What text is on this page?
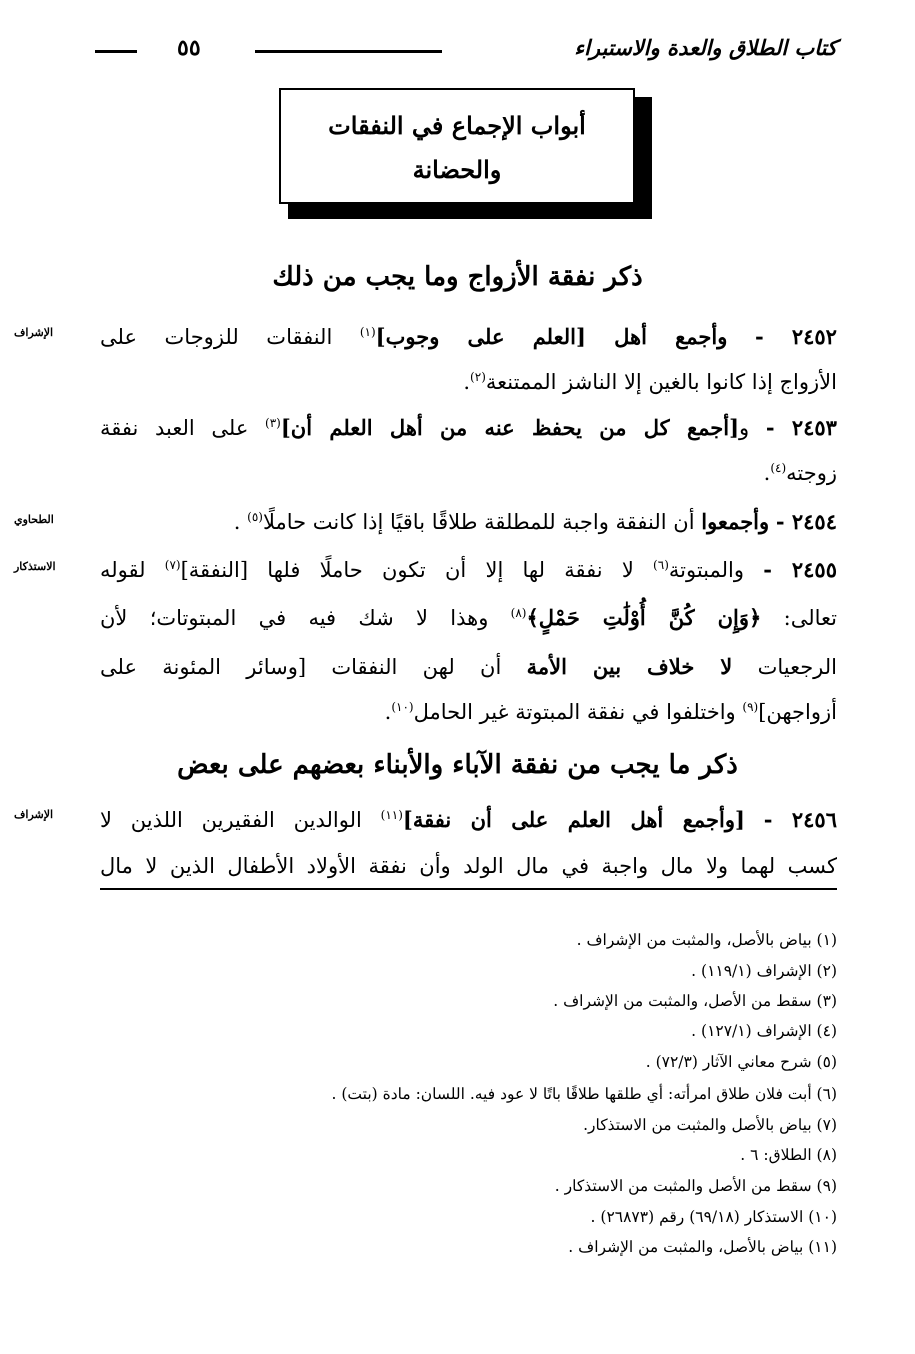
كتاب الطلاق والعدة والاستبراء
٥٥
أبواب الإجماع في النفقات
والحضانة
ذكر نفقة الأزواج وما يجب من ذلك
الإشراف	٢٤٥٢ - وأجمع أهل [العلم على وجوب]$^{(١)}$ النفقات للزوجات على
الأزواج إذا كانوا بالغين إلا الناشز الممتنعة$^{(٢)}$.
٢٤٥٣ - و[أجمع كل من يحفظ عنه من أهل العلم أن]$^{(٣)}$ على العبد نفقة
زوجته$^{(٤)}$.
الطحاوي	٢٤٥٤ - وأجمعوا أن النفقة واجبة للمطلقة طلاقًا باقيًا إذا كانت حاملًا$^{(٥)}$ .
الاستذكار	٢٤٥٥ - والمبتوتة$^{(٦)}$ لا نفقة لها إلا أن تكون حاملًا فلها [النفقة]$^{(٧)}$ لقوله
تعالى: ﴿وَإِن كُنَّ أُوْلَٰتِ حَمْلٍ﴾$^{(٨)}$ وهذا لا شك فيه في المبتوتات؛ لأن
الرجعيات لا خلاف بين الأمة أن لهن النفقات [وسائر المئونة على
أزواجهن]$^{(٩)}$ واختلفوا في نفقة المبتوتة غير الحامل$^{(١٠)}$.
ذكر ما يجب من نفقة الآباء والأبناء بعضهم على بعض
الإشراف	٢٤٥٦ - [وأجمع أهل العلم على أن نفقة]$^{(١١)}$ الوالدين الفقيرين اللذين لا
كسب لهما ولا مال واجبة في مال الولد وأن نفقة الأولاد الأطفال الذين لا مال
(١) بياض بالأصل، والمثبت من الإشراف .
(٢) الإشراف (١١٩/١) .
(٣) سقط من الأصل، والمثبت من الإشراف .
(٤) الإشراف (١٢٧/١) .
(٥) شرح معاني الآثار (٧٢/٣) .
(٦) أبت فلان طلاق امرأته: أي طلقها طلاقًا باتًا لا عود فيه. اللسان: مادة (بتت) .
(٧) بياض بالأصل والمثبت من الاستذكار.
(٨) الطلاق: ٦ .
(٩) سقط من الأصل والمثبت من الاستذكار .
(١٠) الاستذكار (٦٩/١٨) رقم (٢٦٨٧٣) .
(١١) بياض بالأصل، والمثبت من الإشراف .
